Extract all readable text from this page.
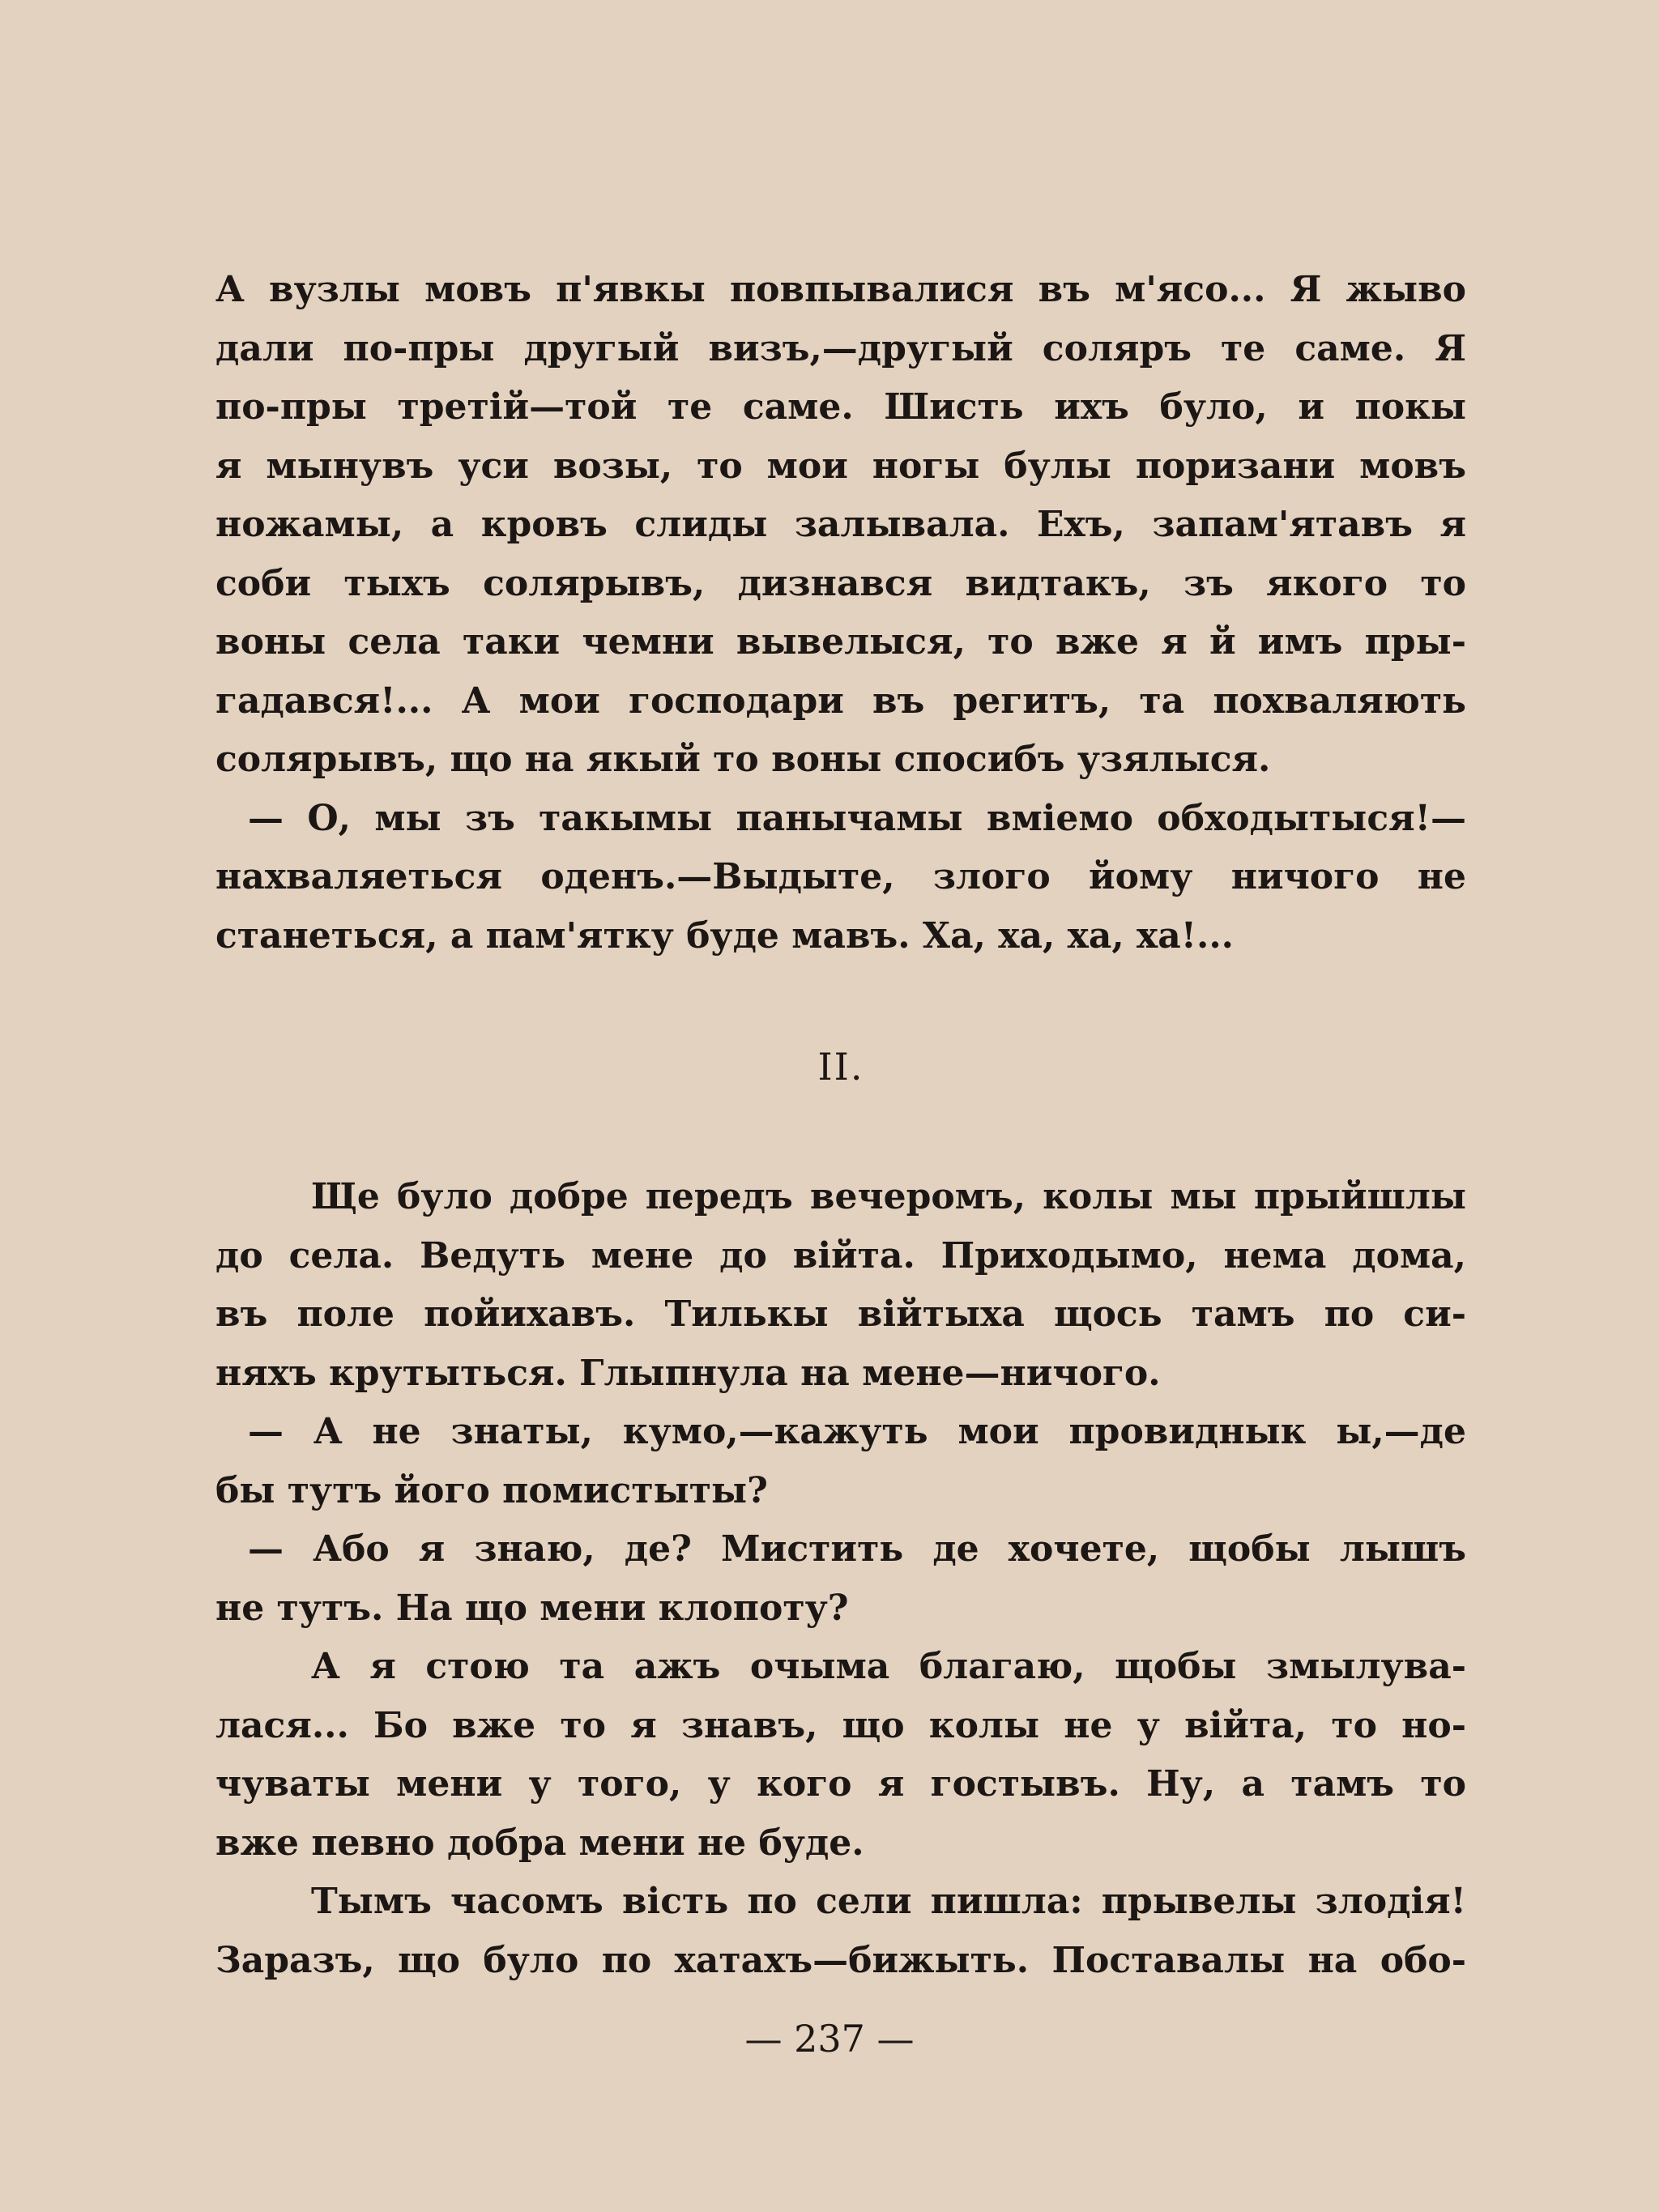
А вузлы мовъ п'явкы повпывалися въ м'ясо... Я жыво
дали по-пры другый визъ,—другый соляръ те саме. Я
по-пры третій—той те саме. Шисть ихъ було, и покы
я мынувъ уси возы, то мои ногы булы поризани мовъ
ножамы, а кровъ слиды залывала. Ехъ, запам'ятавъ я
соби тыхъ солярывъ, дизнався видтакъ, зъ якого то
воны села таки чемни вывелыся, то вже я й имъ пры-
гадався!... А мои господари въ регитъ, та похваляють
солярывъ, що на якый то воны спосибъ узялыся.
— О, мы зъ такымы панычамы вміемо обходытыся!—
нахваляеться оденъ.—Выдыте, злого йому ничого не
станеться, а пам'ятку буде мавъ. Ха, ха, ха, ха!...
II.
Ще було добре передъ вечеромъ, колы мы прыйшлы
до села. Ведуть мене до війта. Приходымо, нема дома,
въ поле пойихавъ. Тилькы війтыха щось тамъ по си-
няхъ крутыться. Глыпнула на мене—ничого.
— А не знаты, кумо,—кажуть мои провиднык ы,—де
бы тутъ його помистыты?
— Або я знаю, де? Мистить де хочете, щобы лышъ
не тутъ. На що мени клопоту?
А я стою та ажъ очыма благаю, щобы змылува-
лася... Бо вже то я знавъ, що колы не у війта, то но-
чуваты мени у того, у кого я гостывъ. Ну, а тамъ то
вже певно добра мени не буде.
Тымъ часомъ вість по сели пишла: прывелы злодія!
Заразъ, що було по хатахъ—бижыть. Поставалы на обо-
— 237 —
